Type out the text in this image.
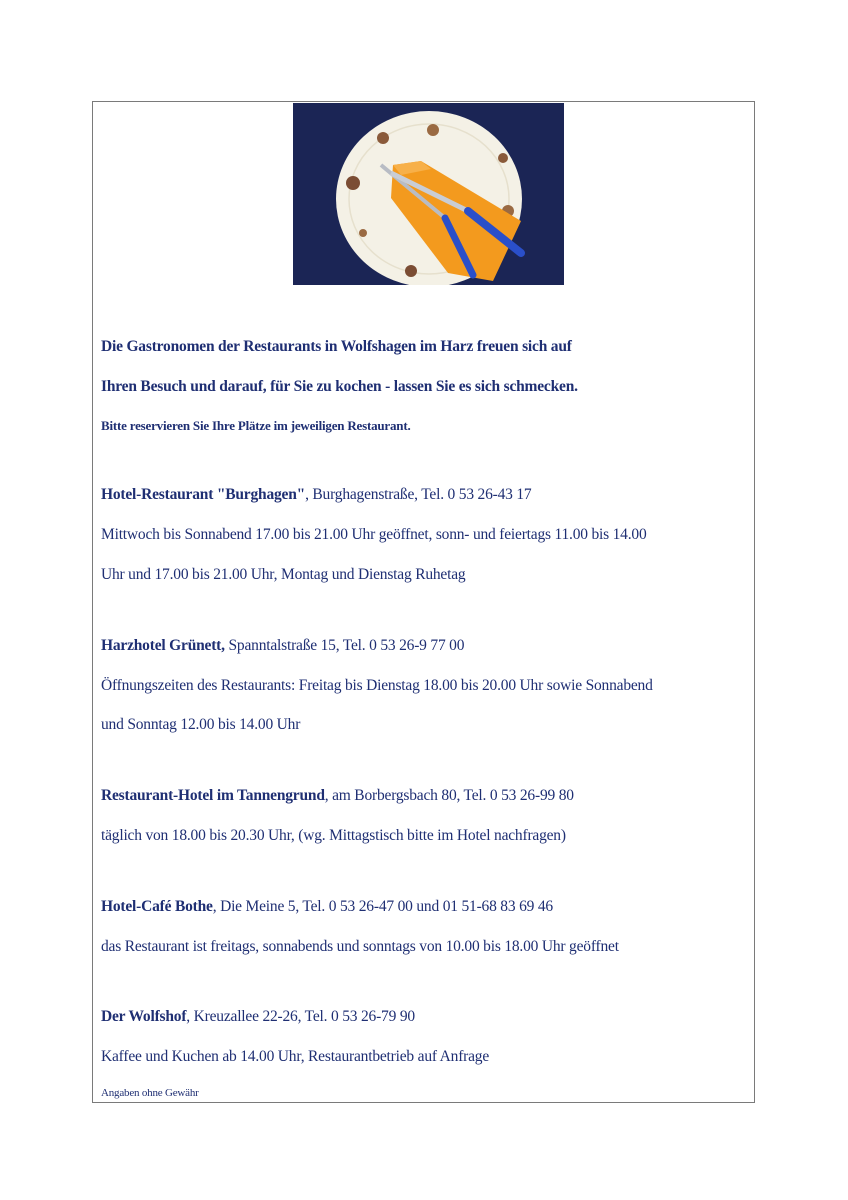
Die Gastronomen der Restaurants in Wolfshagen im Harz freuen sich auf
Ihren Besuch und darauf, für Sie zu kochen - lassen Sie es sich schmecken.
Bitte reservieren Sie Ihre Plätze im jeweiligen Restaurant.
Hotel-Restaurant "Burghagen", Burghagenstraße, Tel. 0 53 26-43 17
Mittwoch bis Sonnabend 17.00 bis 21.00 Uhr geöffnet, sonn- und feiertags 11.00 bis 14.00
Uhr und 17.00 bis 21.00 Uhr, Montag und Dienstag Ruhetag
Harzhotel Grünett, Spanntalstraße 15, Tel. 0 53 26-9 77 00
Öffnungszeiten des Restaurants: Freitag bis Dienstag 18.00 bis 20.00 Uhr sowie Sonnabend
und Sonntag 12.00 bis 14.00 Uhr
Restaurant-Hotel im Tannengrund, am Borbergsbach 80, Tel. 0 53 26-99 80
täglich von 18.00 bis 20.30 Uhr, (wg. Mittagstisch bitte im Hotel nachfragen)
Hotel-Café Bothe, Die Meine 5, Tel. 0 53 26-47 00 und 01 51-68 83 69 46
das Restaurant ist freitags, sonnabends und sonntags von 10.00 bis 18.00 Uhr geöffnet
Der Wolfshof, Kreuzallee 22-26, Tel. 0 53 26-79 90
Kaffee und Kuchen ab 14.00 Uhr, Restaurantbetrieb auf Anfrage
Angaben ohne Gewähr
